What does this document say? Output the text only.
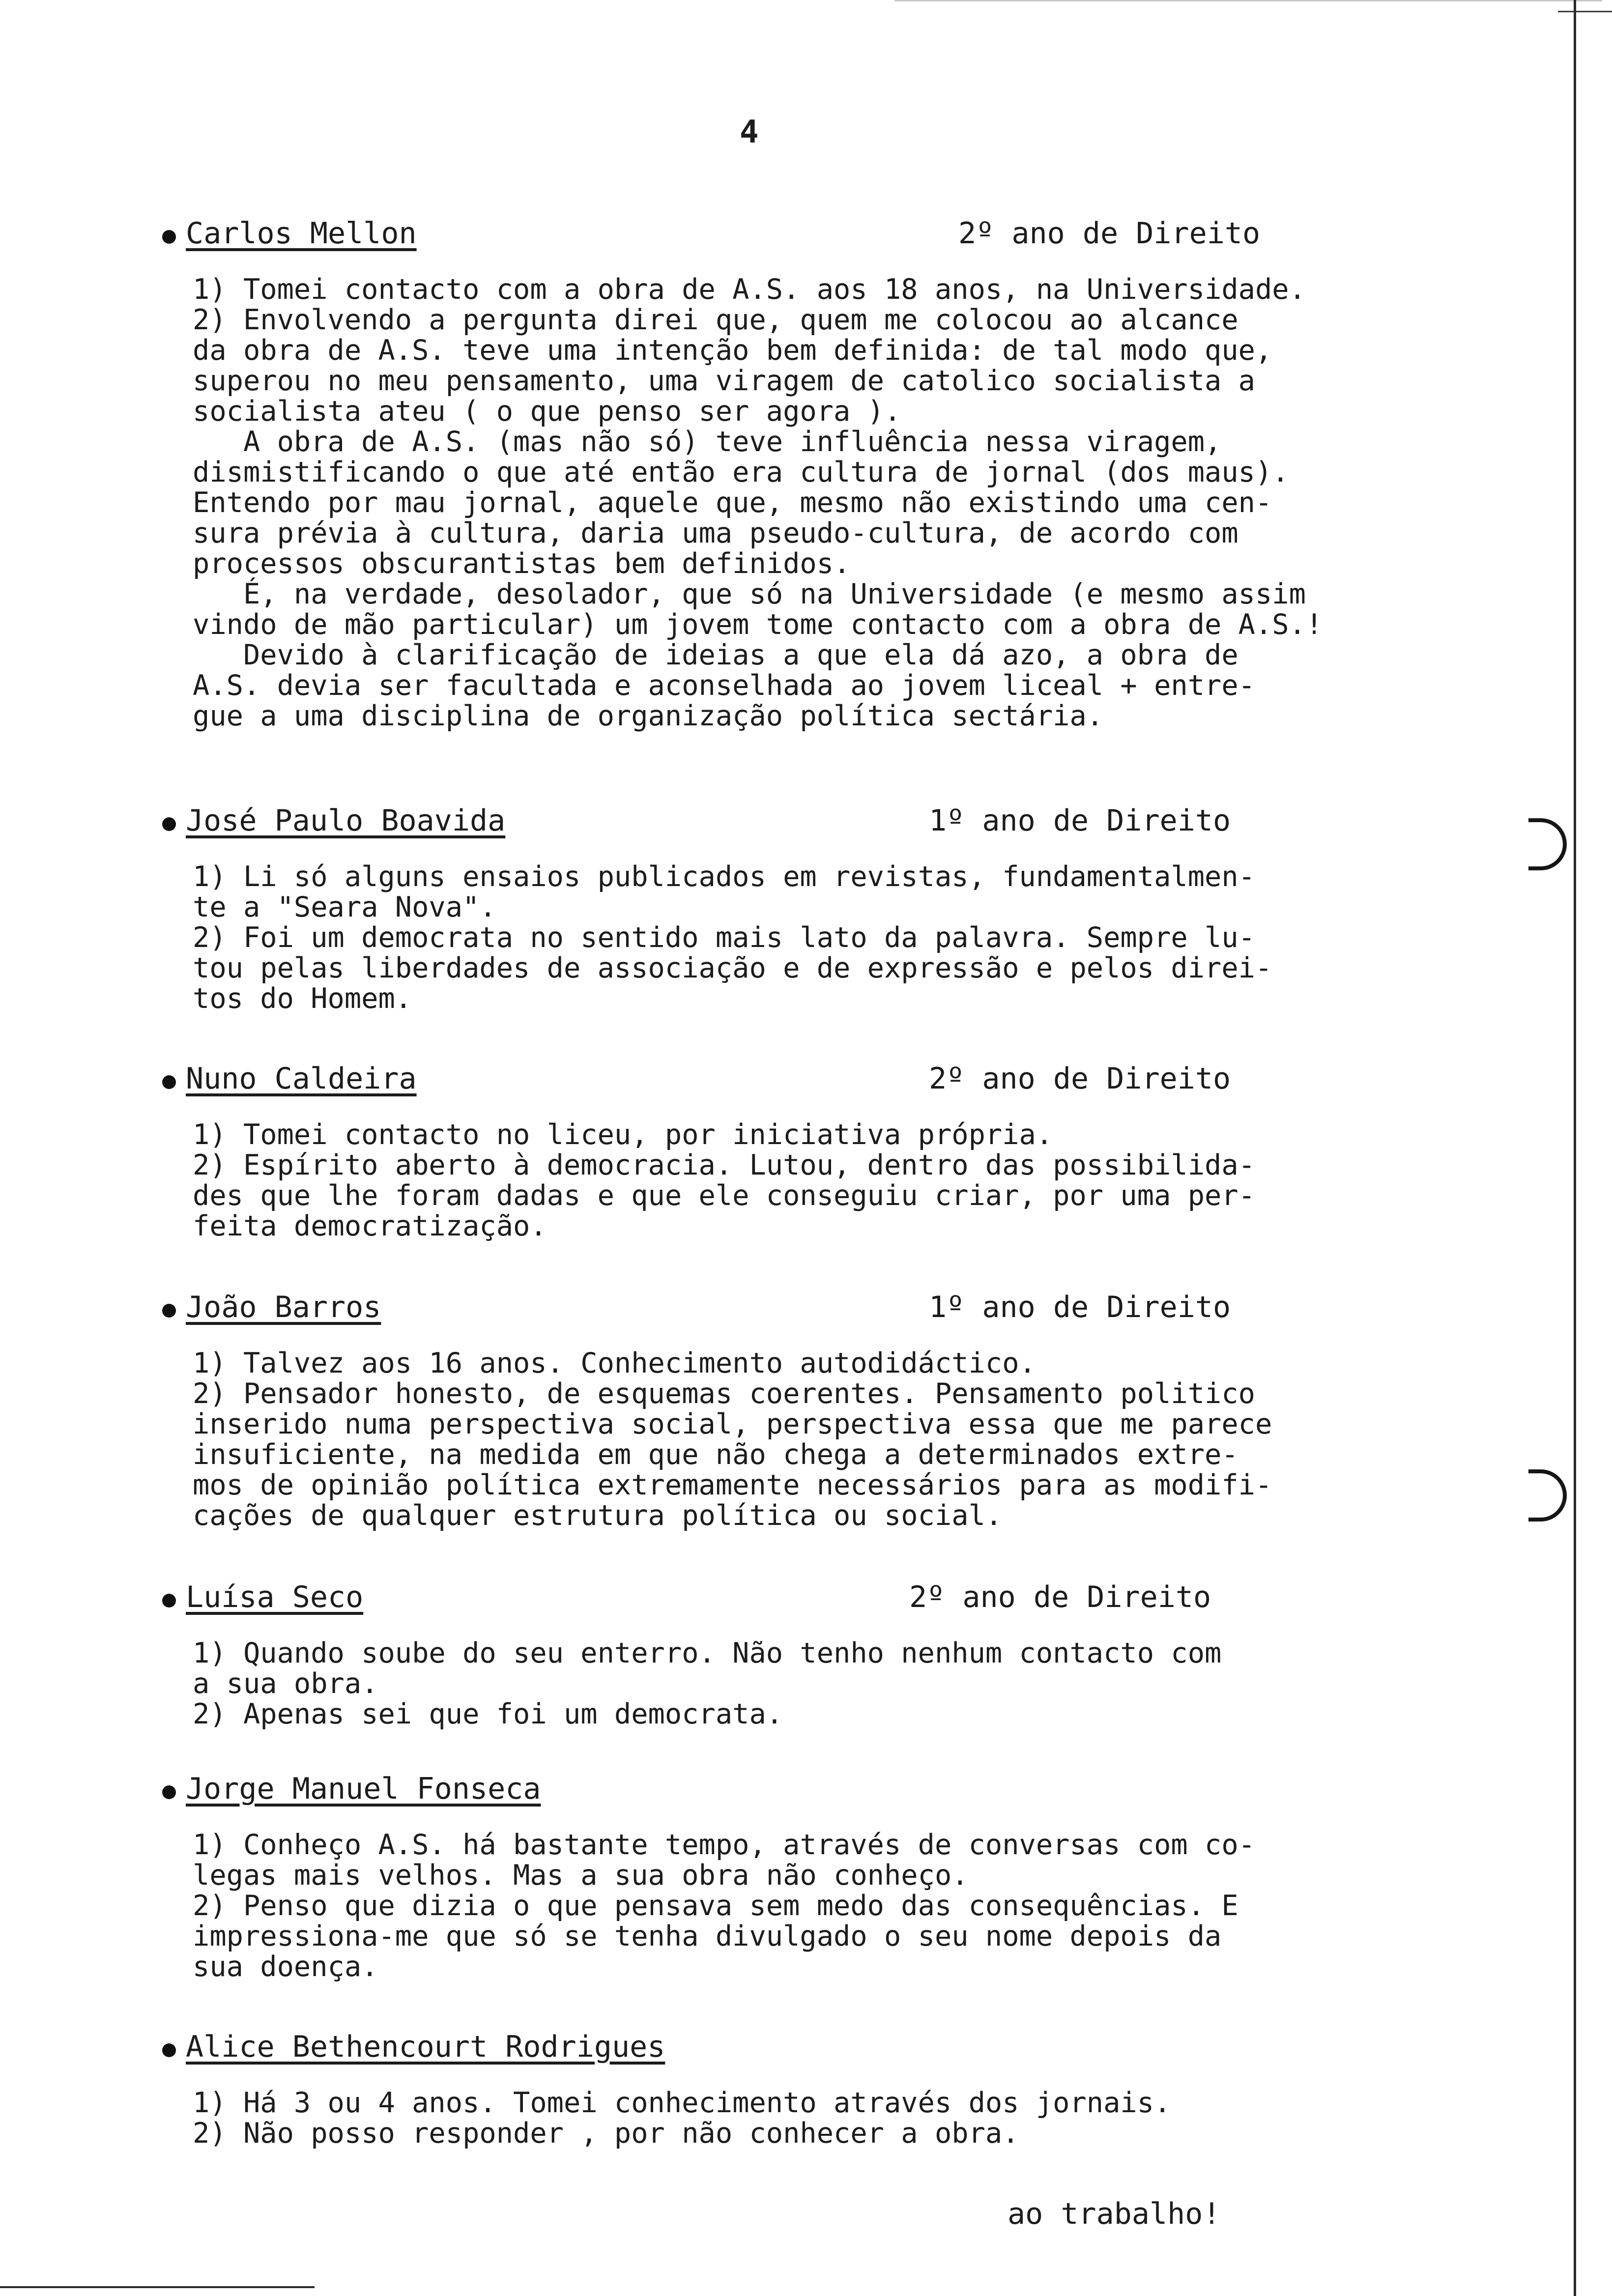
4
Carlos Mellon	2º ano de Direito
1) Tomei contacto com a obra de A.S. aos 18 anos, na Universidade.
2) Envolvendo a pergunta direi que, quem me colocou ao alcance
da obra de A.S. teve uma intenção bem definida: de tal modo que,
superou no meu pensamento, uma viragem de catolico socialista a
socialista ateu ( o que penso ser agora ).
A obra de A.S. (mas não só) teve influência nessa viragem,
dismistificando o que até então era cultura de jornal (dos maus).
Entendo por mau jornal, aquele que, mesmo não existindo uma cen-
sura prévia à cultura, daria uma pseudo-cultura, de acordo com
processos obscurantistas bem definidos.
É, na verdade, desolador, que só na Universidade (e mesmo assim
vindo de mão particular) um jovem tome contacto com a obra de A.S.!
Devido à clarificação de ideias a que ela dá azo, a obra de
A.S. devia ser facultada e aconselhada ao jovem liceal + entre-
gue a uma disciplina de organização política sectária.
José Paulo Boavida	1º ano de Direito
1) Li só alguns ensaios publicados em revistas, fundamentalmen-
te a "Seara Nova".
2) Foi um democrata no sentido mais lato da palavra. Sempre lu-
tou pelas liberdades de associação e de expressão e pelos direi-
tos do Homem.
Nuno Caldeira	2º ano de Direito
1) Tomei contacto no liceu, por iniciativa própria.
2) Espírito aberto à democracia. Lutou, dentro das possibilida-
des que lhe foram dadas e que ele conseguiu criar, por uma per-
feita democratização.
João Barros	1º ano de Direito
1) Talvez aos 16 anos. Conhecimento autodidáctico.
2) Pensador honesto, de esquemas coerentes. Pensamento politico
inserido numa perspectiva social, perspectiva essa que me parece
insuficiente, na medida em que não chega a determinados extre-
mos de opinião política extremamente necessários para as modifi-
cações de qualquer estrutura política ou social.
Luísa Seco	2º ano de Direito
1) Quando soube do seu enterro. Não tenho nenhum contacto com
a sua obra.
2) Apenas sei que foi um democrata.
Jorge Manuel Fonseca
1) Conheço A.S. há bastante tempo, através de conversas com co-
legas mais velhos. Mas a sua obra não conheço.
2) Penso que dizia o que pensava sem medo das consequências. E
impressiona-me que só se tenha divulgado o seu nome depois da
sua doença.
Alice Bethencourt Rodrigues
1) Há 3 ou 4 anos. Tomei conhecimento através dos jornais.
2) Não posso responder , por não conhecer a obra.
ao trabalho!
